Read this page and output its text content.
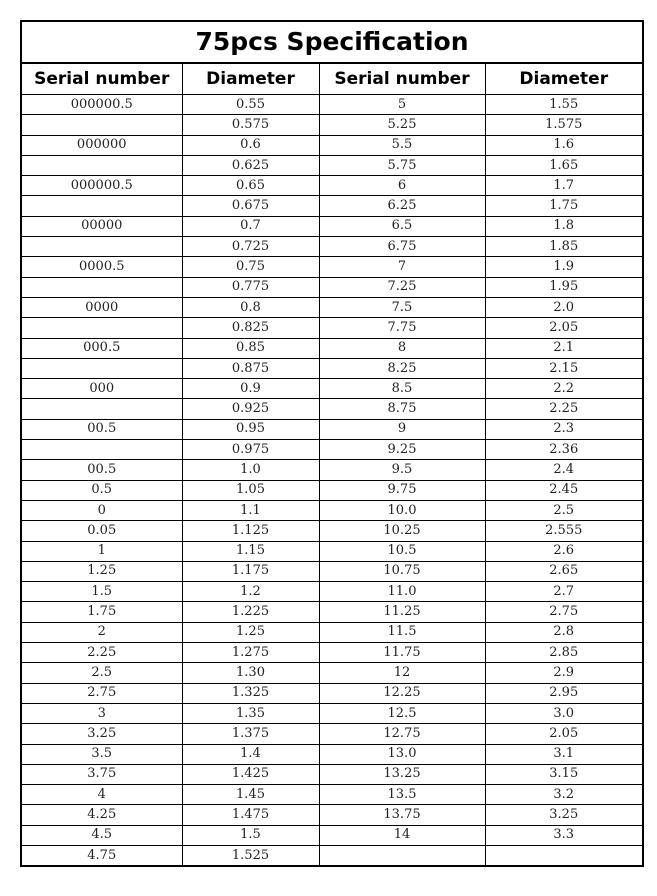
75pcs Specification
Serial number	Diameter	Serial number	Diameter
000000.5	0.55	5	1.55
	0.575	5.25	1.575
000000	0.6	5.5	1.6
	0.625	5.75	1.65
000000.5	0.65	6	1.7
	0.675	6.25	1.75
00000	0.7	6.5	1.8
	0.725	6.75	1.85
0000.5	0.75	7	1.9
	0.775	7.25	1.95
0000	0.8	7.5	2.0
	0.825	7.75	2.05
000.5	0.85	8	2.1
	0.875	8.25	2.15
000	0.9	8.5	2.2
	0.925	8.75	2.25
00.5	0.95	9	2.3
	0.975	9.25	2.36
00.5	1.0	9.5	2.4
0.5	1.05	9.75	2.45
0	1.1	10.0	2.5
0.05	1.125	10.25	2.555
1	1.15	10.5	2.6
1.25	1.175	10.75	2.65
1.5	1.2	11.0	2.7
1.75	1.225	11.25	2.75
2	1.25	11.5	2.8
2.25	1.275	11.75	2.85
2.5	1.30	12	2.9
2.75	1.325	12.25	2.95
3	1.35	12.5	3.0
3.25	1.375	12.75	2.05
3.5	1.4	13.0	3.1
3.75	1.425	13.25	3.15
4	1.45	13.5	3.2
4.25	1.475	13.75	3.25
4.5	1.5	14	3.3
4.75	1.525		
